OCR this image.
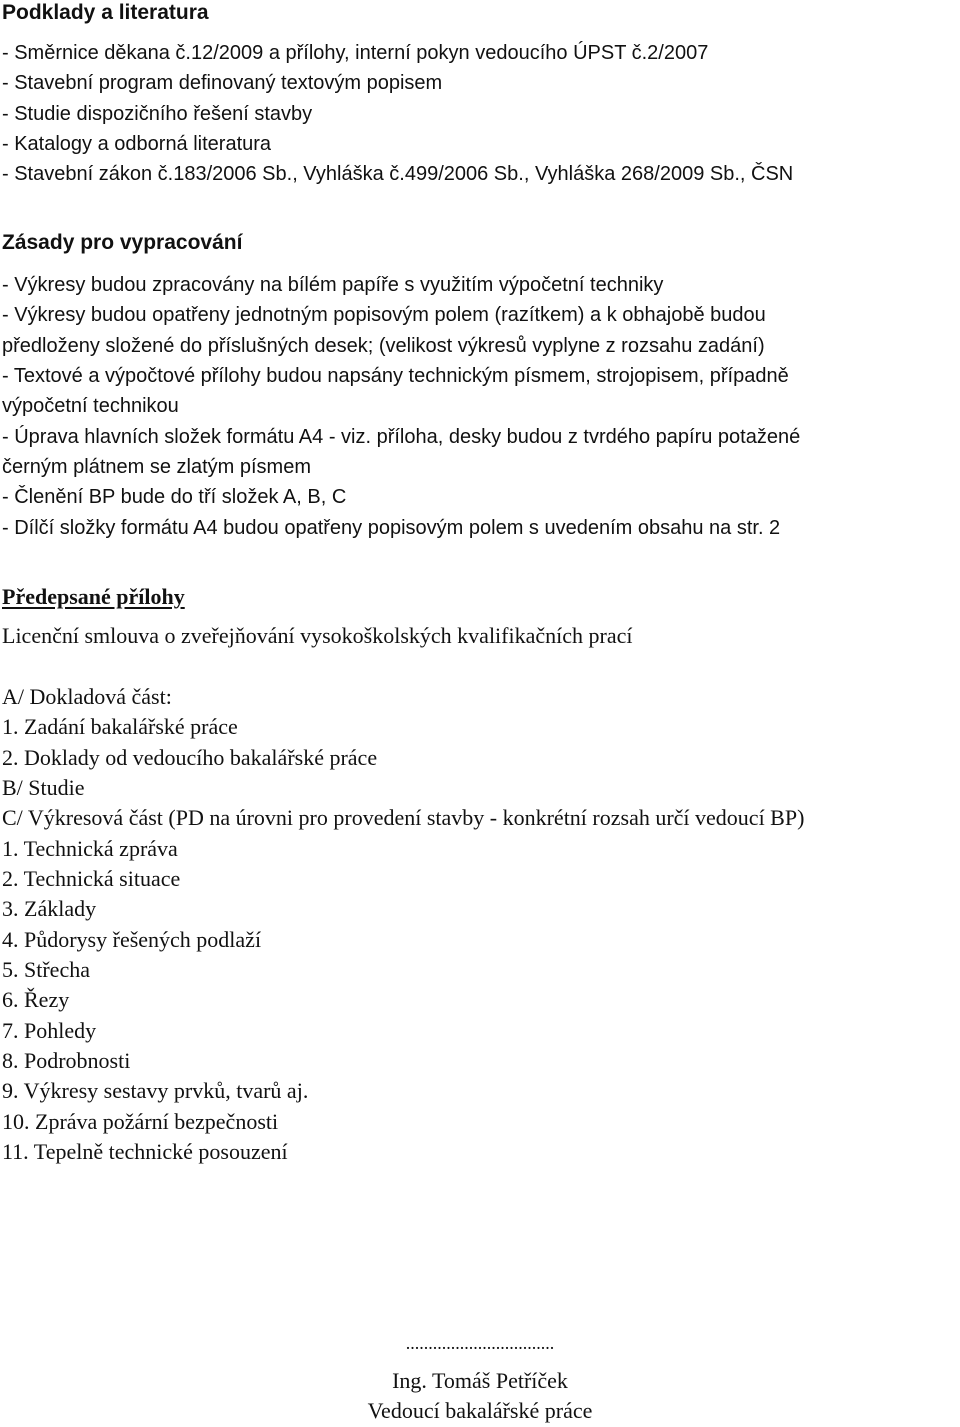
Podklady a literatura
- Směrnice děkana č.12/2009 a přílohy, interní pokyn vedoucího ÚPST č.2/2007
- Stavební program definovaný textovým popisem
- Studie dispozičního řešení stavby
- Katalogy a odborná literatura
- Stavební zákon č.183/2006 Sb., Vyhláška č.499/2006 Sb., Vyhláška 268/2009 Sb., ČSN
Zásady pro vypracování
- Výkresy budou zpracovány na bílém papíře s využitím výpočetní techniky
- Výkresy budou opatřeny jednotným popisovým polem (razítkem) a k obhajobě budou
předloženy složené do příslušných desek; (velikost výkresů vyplyne z rozsahu zadání)
- Textové a výpočtové přílohy budou napsány technickým písmem, strojopisem, případně
výpočetní technikou
- Úprava hlavních složek formátu A4 - viz. příloha, desky budou z tvrdého papíru potažené
černým plátnem se zlatým písmem
- Členění BP bude do tří složek A, B, C
- Dílčí složky formátu A4 budou opatřeny popisovým polem s uvedením obsahu na str. 2
Předepsané přílohy
Licenční smlouva o zveřejňování vysokoškolských kvalifikačních prací
A/ Dokladová část:
1. Zadání bakalářské práce
2. Doklady od vedoucího bakalářské práce
B/ Studie
C/ Výkresová část (PD na úrovni pro provedení stavby - konkrétní rozsah určí vedoucí BP)
1. Technická zpráva
2. Technická situace
3. Základy
4. Půdorysy řešených podlaží
5. Střecha
6. Řezy
7. Pohledy
8. Podrobnosti
9. Výkresy sestavy prvků, tvarů aj.
10. Zpráva požární bezpečnosti
11. Tepelně technické posouzení
.................................
Ing. Tomáš Petříček
Vedoucí bakalářské práce
